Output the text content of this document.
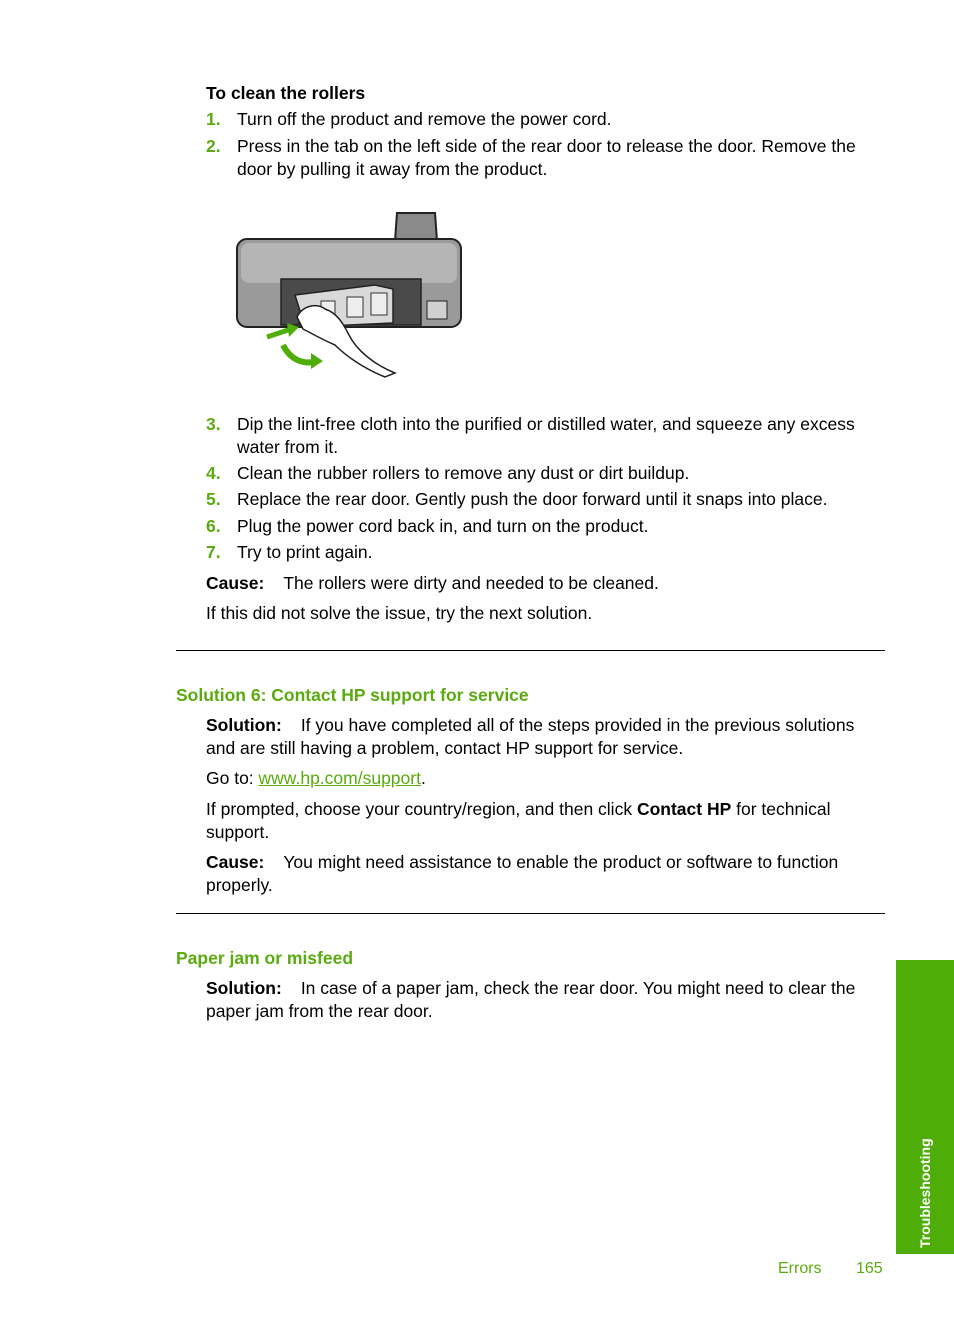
To clean the rollers
1. Turn off the product and remove the power cord.
2. Press in the tab on the left side of the rear door to release the door. Remove the door by pulling it away from the product.
3. Dip the lint-free cloth into the purified or distilled water, and squeeze any excess water from it.
4. Clean the rubber rollers to remove any dust or dirt buildup.
5. Replace the rear door. Gently push the door forward until it snaps into place.
6. Plug the power cord back in, and turn on the product.
7. Try to print again.
Cause: The rollers were dirty and needed to be cleaned.
If this did not solve the issue, try the next solution.
Solution 6: Contact HP support for service
Solution: If you have completed all of the steps provided in the previous solutions and are still having a problem, contact HP support for service.
Go to: www.hp.com/support.
If prompted, choose your country/region, and then click Contact HP for technical support.
Cause: You might need assistance to enable the product or software to function properly.
Paper jam or misfeed
Solution: In case of a paper jam, check the rear door. You might need to clear the paper jam from the rear door.
Troubleshooting
Errors 165
